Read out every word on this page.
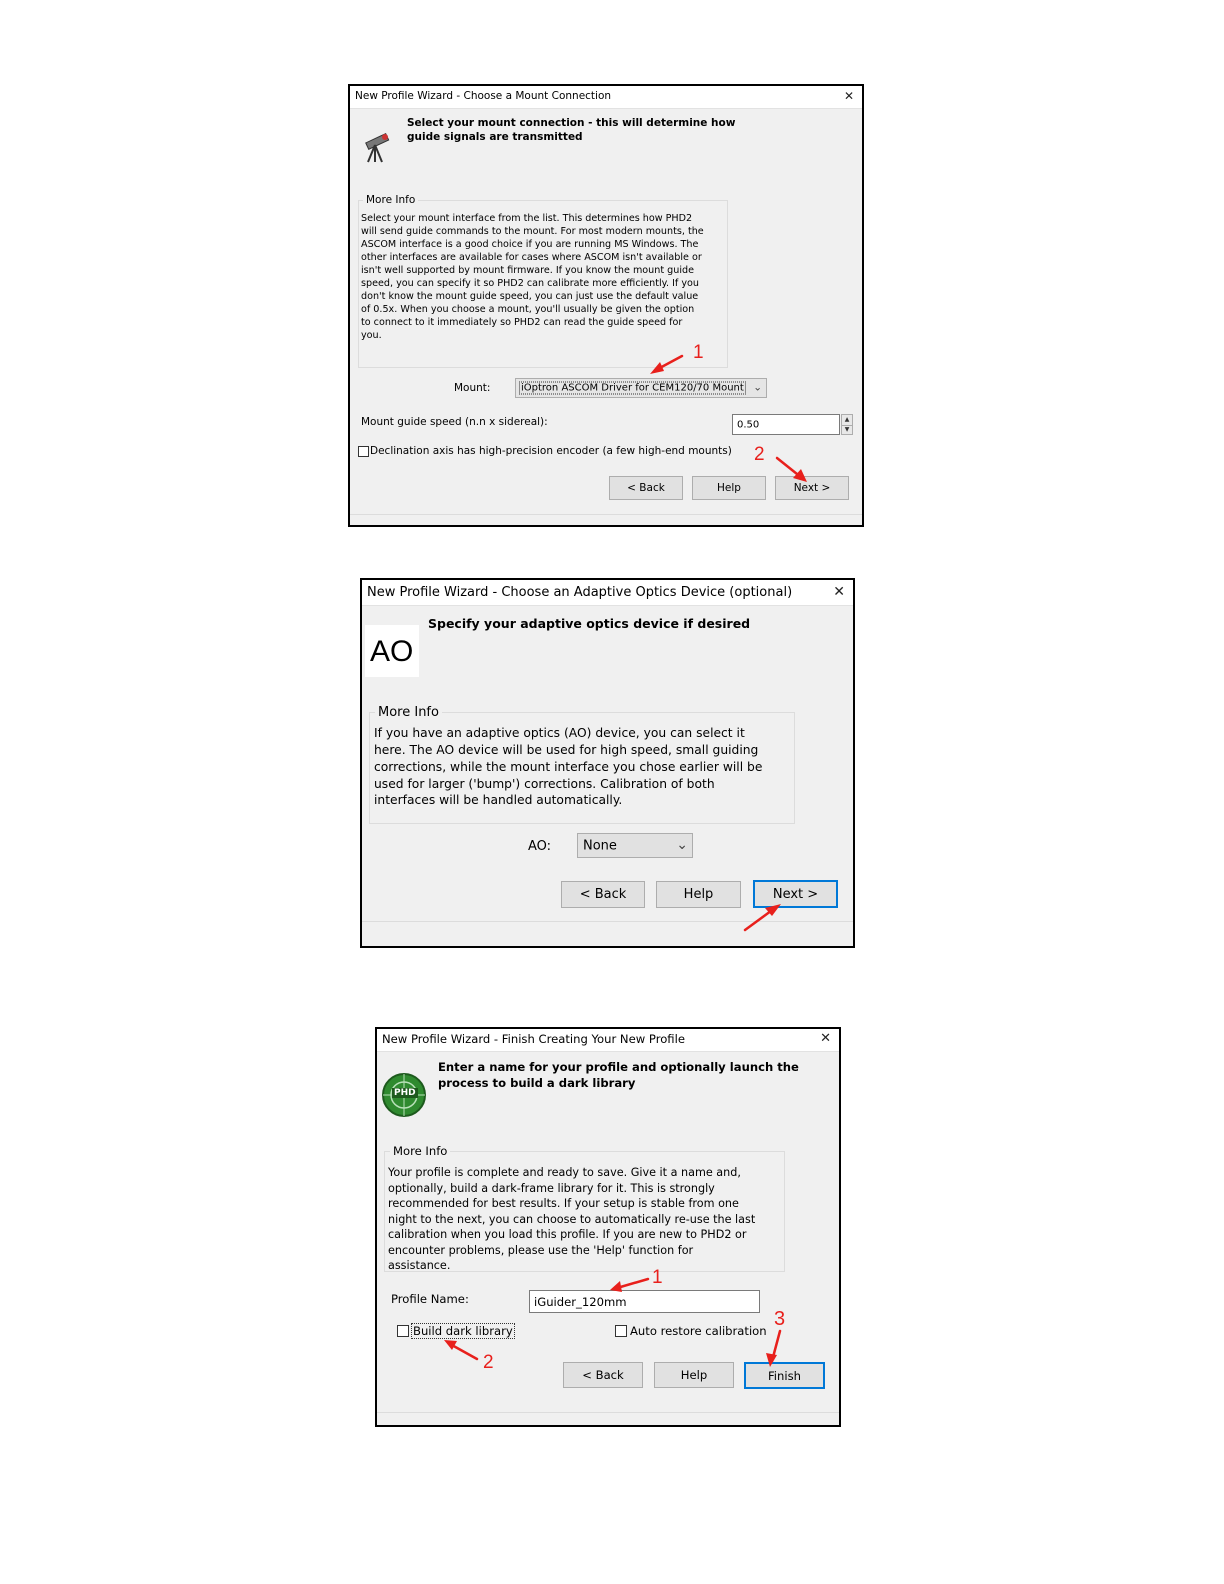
New Profile Wizard - Choose a Mount Connection	✕
Select your mount connection - this will determine how guide signals are transmitted
More Info
Select your mount interface from the list. This determines how PHD2 will send guide commands to the mount. For most modern mounts, the ASCOM interface is a good choice if you are running MS Windows. The other interfaces are available for cases where ASCOM isn't available or isn't well supported by mount firmware. If you know the mount guide speed, you can specify it so PHD2 can calibrate more efficiently. If you don't know the mount guide speed, you can just use the default value of 0.5x. When you choose a mount, you'll usually be given the option to connect to it immediately so PHD2 can read the guide speed for you.
Mount:	iOptron ASCOM Driver for CEM120/70 Mount ⌄
Mount guide speed (n.n x sidereal):	0.50	▲
▼
Declination axis has high-precision encoder (a few high-end mounts)
< Back	Help	Next >
1
2
New Profile Wizard - Choose an Adaptive Optics Device (optional)	✕
AO
Specify your adaptive optics device if desired
More Info
If you have an adaptive optics (AO) device, you can select it here. The AO device will be used for high speed, small guiding corrections, while the mount interface you chose earlier will be used for larger ('bump') corrections. Calibration of both interfaces will be handled automatically.
AO: None	⌄
< Back	Help	Next >
New Profile Wizard - Finish Creating Your New Profile	✕
PHD
Enter a name for your profile and optionally launch the process to build a dark library
More Info
Your profile is complete and ready to save. Give it a name and, optionally, build a dark-frame library for it. This is strongly recommended for best results. If your setup is stable from one night to the next, you can choose to automatically re-use the last calibration when you load this profile. If you are new to PHD2 or encounter problems, please use the 'Help' function for assistance.
Profile Name:	iGuider_120mm
Build dark library	Auto restore calibration
< Back	Help	Finish
1
2
3
